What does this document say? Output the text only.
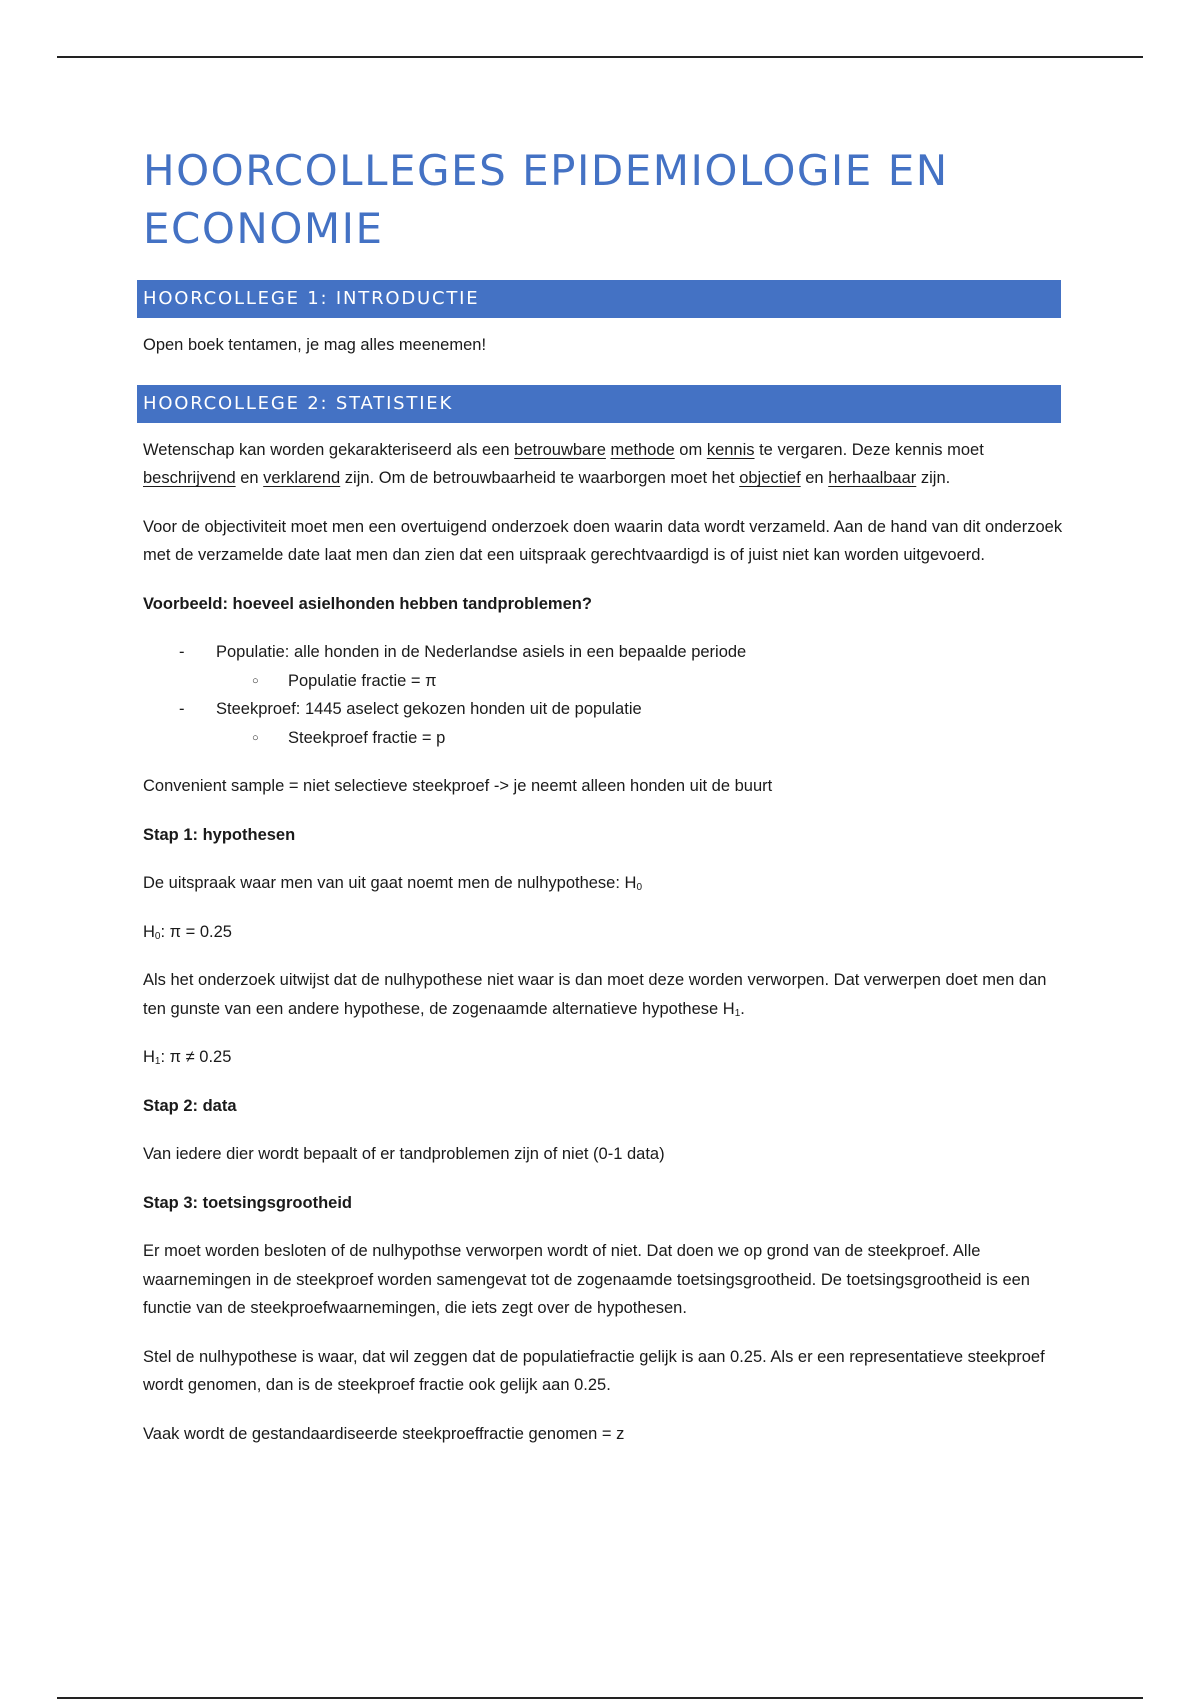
HOORCOLLEGES EPIDEMIOLOGIE EN ECONOMIE
HOORCOLLEGE 1: INTRODUCTIE

Open boek tentamen, je mag alles meenemen!

HOORCOLLEGE 2: STATISTIEK

Wetenschap kan worden gekarakteriseerd als een betrouwbare methode om kennis te vergaren. Deze kennis moet beschrijvend en verklarend zijn. Om de betrouwbaarheid te waarborgen moet het objectief en herhaalbaar zijn.

Voor de objectiviteit moet men een overtuigend onderzoek doen waarin data wordt verzameld. Aan de hand van dit onderzoek met de verzamelde date laat men dan zien dat een uitspraak gerechtvaardigd is of juist niet kan worden uitgevoerd.

Voorbeeld: hoeveel asielhonden hebben tandproblemen?

- Populatie: alle honden in de Nederlandse asiels in een bepaalde periode
○ Populatie fractie = π
- Steekproef: 1445 aselect gekozen honden uit de populatie
○ Steekproef fractie = p

Convenient sample = niet selectieve steekproef -> je neemt alleen honden uit de buurt

Stap 1: hypothesen

De uitspraak waar men van uit gaat noemt men de nulhypothese: $H_0$

$H_0$: π = 0.25

Als het onderzoek uitwijst dat de nulhypothese niet waar is dan moet deze worden verworpen. Dat verwerpen doet men dan ten gunste van een andere hypothese, de zogenaamde alternatieve hypothese $H_1$.

$H_1$: π ≠ 0.25

Stap 2: data

Van iedere dier wordt bepaalt of er tandproblemen zijn of niet (0-1 data)

Stap 3: toetsingsgrootheid

Er moet worden besloten of de nulhypothse verworpen wordt of niet. Dat doen we op grond van de steekproef. Alle waarnemingen in de steekproef worden samengevat tot de zogenaamde toetsingsgrootheid. De toetsingsgrootheid is een functie van de steekproefwaarnemingen, die iets zegt over de hypothesen.

Stel de nulhypothese is waar, dat wil zeggen dat de populatiefractie gelijk is aan 0.25. Als er een representatieve steekproef wordt genomen, dan is de steekproef fractie ook gelijk aan 0.25.

Vaak wordt de gestandaardiseerde steekproeffractie genomen = z
